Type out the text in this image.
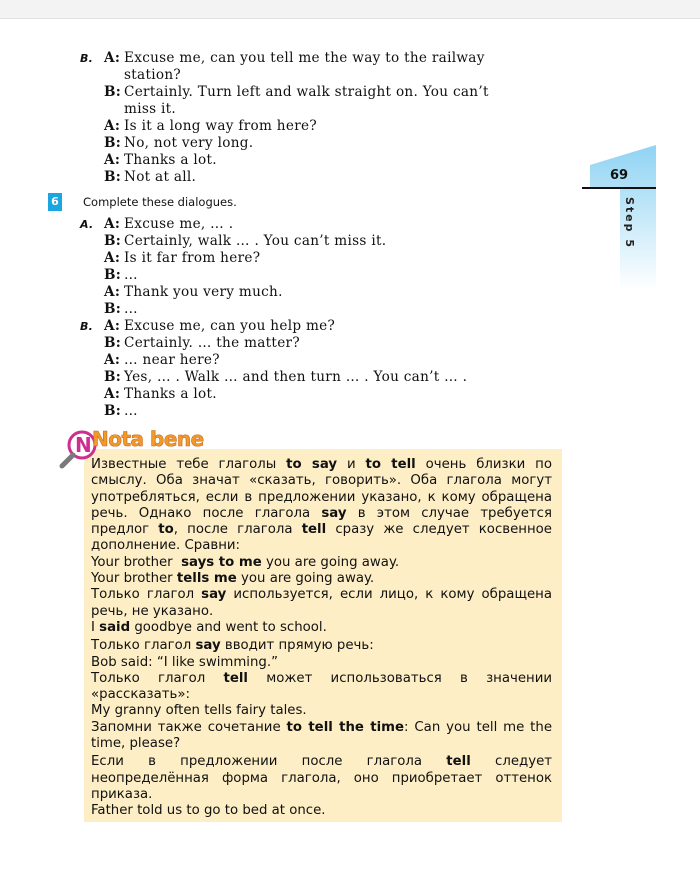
B. A: Excuse me, can you tell me the way to the railway
station?
B: Certainly. Turn left and walk straight on. You can’t
miss it.
A: Is it a long way from here?
B: No, not very long.
A: Thanks a lot.
B: Not at all.	69
Step 5
6 Complete these dialogues.
A. A: Excuse me, … .
B: Certainly, walk … . You can’t miss it.
A: Is it far from here?
B: …
A: Thank you very much.
B: …
B. A: Excuse me, can you help me?
B: Certainly. … the matter?
A: … near here?
B: Yes, … . Walk … and then turn … . You can’t … .
A: Thanks a lot.
B: …
N Nota bene
Известные тебе глаголы to say и to tell очень близки по смыслу. Оба значат «сказать, говорить». Оба глагола могут употребляться, если в предложении указано, к кому обращена речь. Однако после глагола say в этом случае требуется предлог to, после глагола tell сразу же следует косвенное дополнение. Сравни:
Your brother  says to me you are going away.
Your brother tells me you are going away.
Только глагол say используется, если лицо, к кому обращена речь, не указано.
I said goodbye and went to school.
Только глагол say вводит прямую речь:
Bob said: “I like swimming.”
Только глагол tell может использоваться в значении «рассказать»:
My granny often tells fairy tales.
Запомни также сочетание to tell the time: Can you tell me the time, please?
Если в предложении после глагола tell следует неопределённая форма глагола, оно приобретает оттенок приказа.
Father told us to go to bed at once.
